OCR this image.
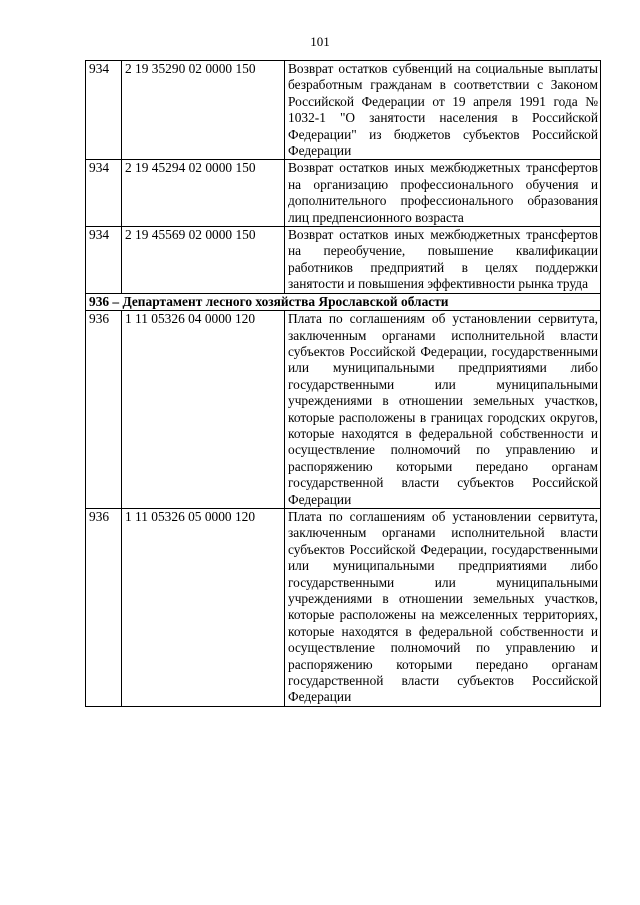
101
934	2 19 35290 02 0000 150	Возврат остатков субвенций на социальные выплаты безработным гражданам в соответствии с Законом Российской Федерации от 19 апреля 1991 года № 1032-1 "О занятости населения в Российской Федерации" из бюджетов субъектов Российской Федерации
934	2 19 45294 02 0000 150	Возврат остатков иных межбюджетных трансфертов на организацию профессионального обучения и дополнительного профессионального образования лиц предпенсионного возраста
934	2 19 45569 02 0000 150	Возврат остатков иных межбюджетных трансфертов на переобучение, повышение квалификации работников предприятий в целях поддержки занятости и повышения эффективности рынка труда
936 – Департамент лесного хозяйства Ярославской области		
936	1 11 05326 04 0000 120	Плата по соглашениям об установлении сервитута, заключенным органами исполнительной власти субъектов Российской Федерации, государственными или муниципальными предприятиями либо государственными или муниципальными учреждениями в отношении земельных участков, которые расположены в границах городских округов, которые находятся в федеральной собственности и осуществление полномочий по управлению и распоряжению которыми передано органам государственной власти субъектов Российской Федерации
936	1 11 05326 05 0000 120	Плата по соглашениям об установлении сервитута, заключенным органами исполнительной власти субъектов Российской Федерации, государственными или муниципальными предприятиями либо государственными или муниципальными учреждениями в отношении земельных участков, которые расположены на межселенных территориях, которые находятся в федеральной собственности и осуществление полномочий по управлению и распоряжению которыми передано органам государственной власти субъектов Российской Федерации
